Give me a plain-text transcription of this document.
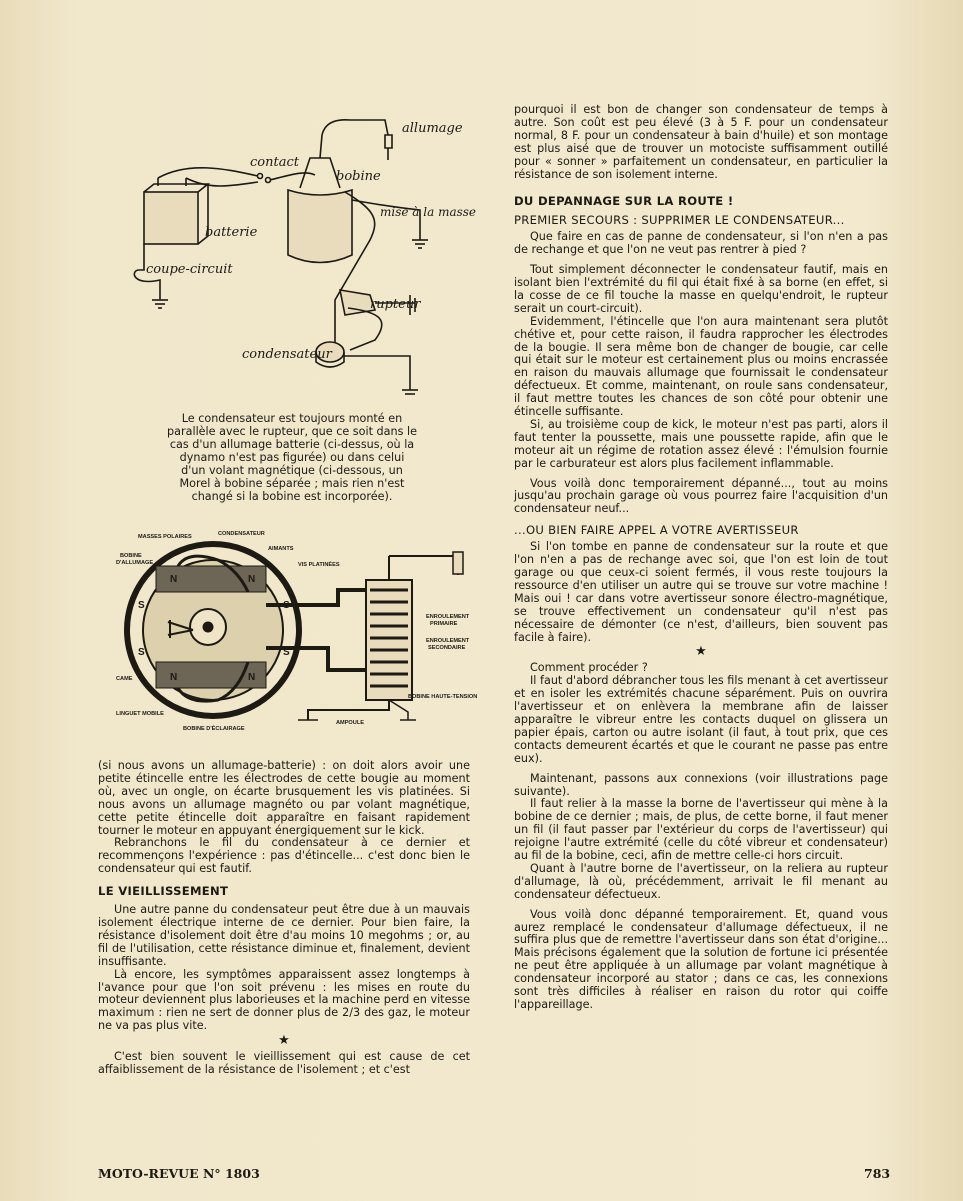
allumage
contact
bobine
mise à la masse
batterie
coupe-circuit
rupteur
condensateur
Le condensateur est toujours monté en parallèle avec le rupteur, que ce soit dans le cas d'un allumage batterie (ci-dessus, où la dynamo n'est pas figurée) ou dans celui d'un volant magnétique (ci-dessous, un Morel à bobine séparée ; mais rien n'est changé si la bobine est incorporée).
N	N
S	S
S	S
N	N
MASSES POLAIRES	CONDENSATEUR
AIMANTS
BOBINE
D'ALLUMAGE	VIS PLATINÉES
ENROULEMENT
PRIMAIRE
ENROULEMENT
SECONDAIRE
CAME
LINGUET MOBILE
BOBINE HAUTE-TENSION
AMPOULE
BOBINE D'ÉCLAIRAGE

(si nous avons un allumage-batterie) : on doit alors avoir une petite étincelle entre les électrodes de cette bougie au moment où, avec un ongle, on écarte brusquement les vis platinées. Si nous avons un allumage magnéto ou par volant magnétique, cette petite étincelle doit apparaître en faisant rapidement tourner le moteur en appuyant énergiquement sur le kick.

Rebranchons le fil du condensateur à ce dernier et recommençons l'expérience : pas d'étincelle... c'est donc bien le condensateur qui est fautif.

LE VIEILLISSEMENT

Une autre panne du condensateur peut être due à un mauvais isolement électrique interne de ce dernier. Pour bien faire, la résistance d'isolement doit être d'au moins 10 megohms ; or, au fil de l'utilisation, cette résistance diminue et, finalement, devient insuffisante.

Là encore, les symptômes apparaissent assez longtemps à l'avance pour que l'on soit prévenu : les mises en route du moteur deviennent plus laborieuses et la machine perd en vitesse maximum : rien ne sert de donner plus de 2/3 des gaz, le moteur ne va pas plus vite.

★

C'est bien souvent le vieillissement qui est cause de cet affaiblissement de la résistance de l'isolement ; et c'est

pourquoi il est bon de changer son condensateur de temps à autre. Son coût est peu élevé (3 à 5 F. pour un condensateur normal, 8 F. pour un condensateur à bain d'huile) et son montage est plus aisé que de trouver un motociste suffisamment outillé pour « sonner » parfaitement un condensateur, en particulier la résistance de son isolement interne.

DU DEPANNAGE SUR LA ROUTE !
PREMIER SECOURS : SUPPRIMER LE CONDENSATEUR...

Que faire en cas de panne de condensateur, si l'on n'en a pas de rechange et que l'on ne veut pas rentrer à pied ?

Tout simplement déconnecter le condensateur fautif, mais en isolant bien l'extrémité du fil qui était fixé à sa borne (en effet, si la cosse de ce fil touche la masse en quelqu'endroit, le rupteur serait un court-circuit).

Evidemment, l'étincelle que l'on aura maintenant sera plutôt chétive et, pour cette raison, il faudra rapprocher les électrodes de la bougie. Il sera même bon de changer de bougie, car celle qui était sur le moteur est certainement plus ou moins encrassée en raison du mauvais allumage que fournissait le condensateur défectueux. Et comme, maintenant, on roule sans condensateur, il faut mettre toutes les chances de son côté pour obtenir une étincelle suffisante.

Si, au troisième coup de kick, le moteur n'est pas parti, alors il faut tenter la poussette, mais une poussette rapide, afin que le moteur ait un régime de rotation assez élevé : l'émulsion fournie par le carburateur est alors plus facilement inflammable.

Vous voilà donc temporairement dépanné..., tout au moins jusqu'au prochain garage où vous pourrez faire l'acquisition d'un condensateur neuf...

...OU BIEN FAIRE APPEL A VOTRE AVERTISSEUR

Si l'on tombe en panne de condensateur sur la route et que l'on n'en a pas de rechange avec soi, que l'on est loin de tout garage ou que ceux-ci soient fermés, il vous reste toujours la ressource d'en utiliser un autre qui se trouve sur votre machine ! Mais oui ! car dans votre avertisseur sonore électro-magnétique, se trouve effectivement un condensateur qu'il n'est pas nécessaire de démonter (ce n'est, d'ailleurs, bien souvent pas facile à faire).

★

Comment procéder ?

Il faut d'abord débrancher tous les fils menant à cet avertisseur et en isoler les extrémités chacune séparément. Puis on ouvrira l'avertisseur et on enlèvera la membrane afin de laisser apparaître le vibreur entre les contacts duquel on glissera un papier épais, carton ou autre isolant (il faut, à tout prix, que ces contacts demeurent écartés et que le courant ne passe pas entre eux).

Maintenant, passons aux connexions (voir illustrations page suivante).

Il faut relier à la masse la borne de l'avertisseur qui mène à la bobine de ce dernier ; mais, de plus, de cette borne, il faut mener un fil (il faut passer par l'extérieur du corps de l'avertisseur) qui rejoigne l'autre extrémité (celle du côté vibreur et condensateur) au fil de la bobine, ceci, afin de mettre celle-ci hors circuit.

Quant à l'autre borne de l'avertisseur, on la reliera au rupteur d'allumage, là où, précédemment, arrivait le fil menant au condensateur défectueux.

Vous voilà donc dépanné temporairement. Et, quand vous aurez remplacé le condensateur d'allumage défectueux, il ne suffira plus que de remettre l'avertisseur dans son état d'origine... Mais précisons également que la solution de fortune ici présentée ne peut être appliquée à un allumage par volant magnétique à condensateur incorporé au stator ; dans ce cas, les connexions sont très difficiles à réaliser en raison du rotor qui coiffe l'appareillage.

MOTO-REVUE N° 1803	783
